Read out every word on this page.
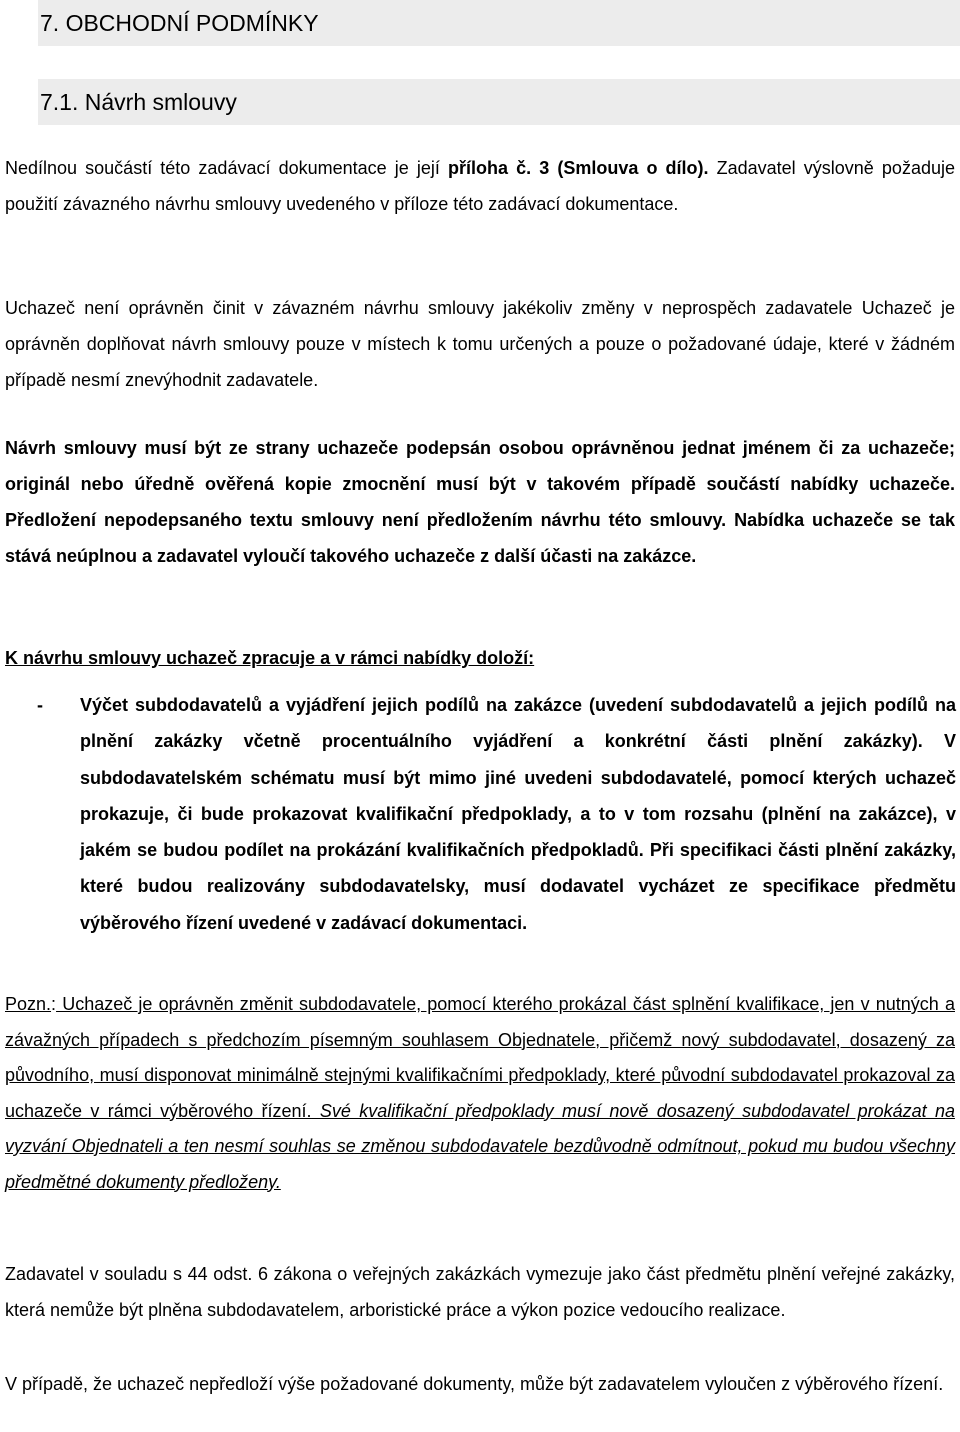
7. OBCHODNÍ PODMÍNKY
7.1. Návrh smlouvy

Nedílnou součástí této zadávací dokumentace je její příloha č. 3 (Smlouva o dílo). Zadavatel výslovně požaduje použití závazného návrhu smlouvy uvedeného v příloze této zadávací dokumentace.

Uchazeč není oprávněn činit v závazném návrhu smlouvy jakékoliv změny v neprospěch zadavatele Uchazeč je oprávněn doplňovat návrh smlouvy pouze v místech k tomu určených a pouze o požadované údaje, které v žádném případě nesmí znevýhodnit zadavatele.

Návrh smlouvy musí být ze strany uchazeče podepsán osobou oprávněnou jednat jménem či za uchazeče; originál nebo úředně ověřená kopie zmocnění musí být v takovém případě součástí nabídky uchazeče. Předložení nepodepsaného textu smlouvy není předložením návrhu této smlouvy. Nabídka uchazeče se tak stává neúplnou a zadavatel vyloučí takového uchazeče z další účasti na zakázce.

K návrhu smlouvy uchazeč zpracuje a v rámci nabídky doloží:

- Výčet subdodavatelů a vyjádření jejich podílů na zakázce (uvedení subdodavatelů a jejich podílů na plnění zakázky včetně procentuálního vyjádření a konkrétní části plnění zakázky). V subdodavatelském schématu musí být mimo jiné uvedeni subdodavatelé, pomocí kterých uchazeč prokazuje, či bude prokazovat kvalifikační předpoklady, a to v tom rozsahu (plnění na zakázce), v jakém se budou podílet na prokázání kvalifikačních předpokladů. Při specifikaci části plnění zakázky, které budou realizovány subdodavatelsky, musí dodavatel vycházet ze specifikace předmětu výběrového řízení uvedené v zadávací dokumentaci.

Pozn.: Uchazeč je oprávněn změnit subdodavatele, pomocí kterého prokázal část splnění kvalifikace, jen v nutných a závažných případech s předchozím písemným souhlasem Objednatele, přičemž nový subdodavatel, dosazený za původního, musí disponovat minimálně stejnými kvalifikačními předpoklady, které původní subdodavatel prokazoval za uchazeče v rámci výběrového řízení. Své kvalifikační předpoklady musí nově dosazený subdodavatel prokázat na vyzvání Objednateli a ten nesmí souhlas se změnou subdodavatele bezdůvodně odmítnout, pokud mu budou všechny předmětné dokumenty předloženy.

Zadavatel v souladu s 44 odst. 6 zákona o veřejných zakázkách vymezuje jako část předmětu plnění veřejné zakázky, která nemůže být plněna subdodavatelem, arboristické práce a výkon pozice vedoucího realizace.

V případě, že uchazeč nepředloží výše požadované dokumenty, může být zadavatelem vyloučen z výběrového řízení.
